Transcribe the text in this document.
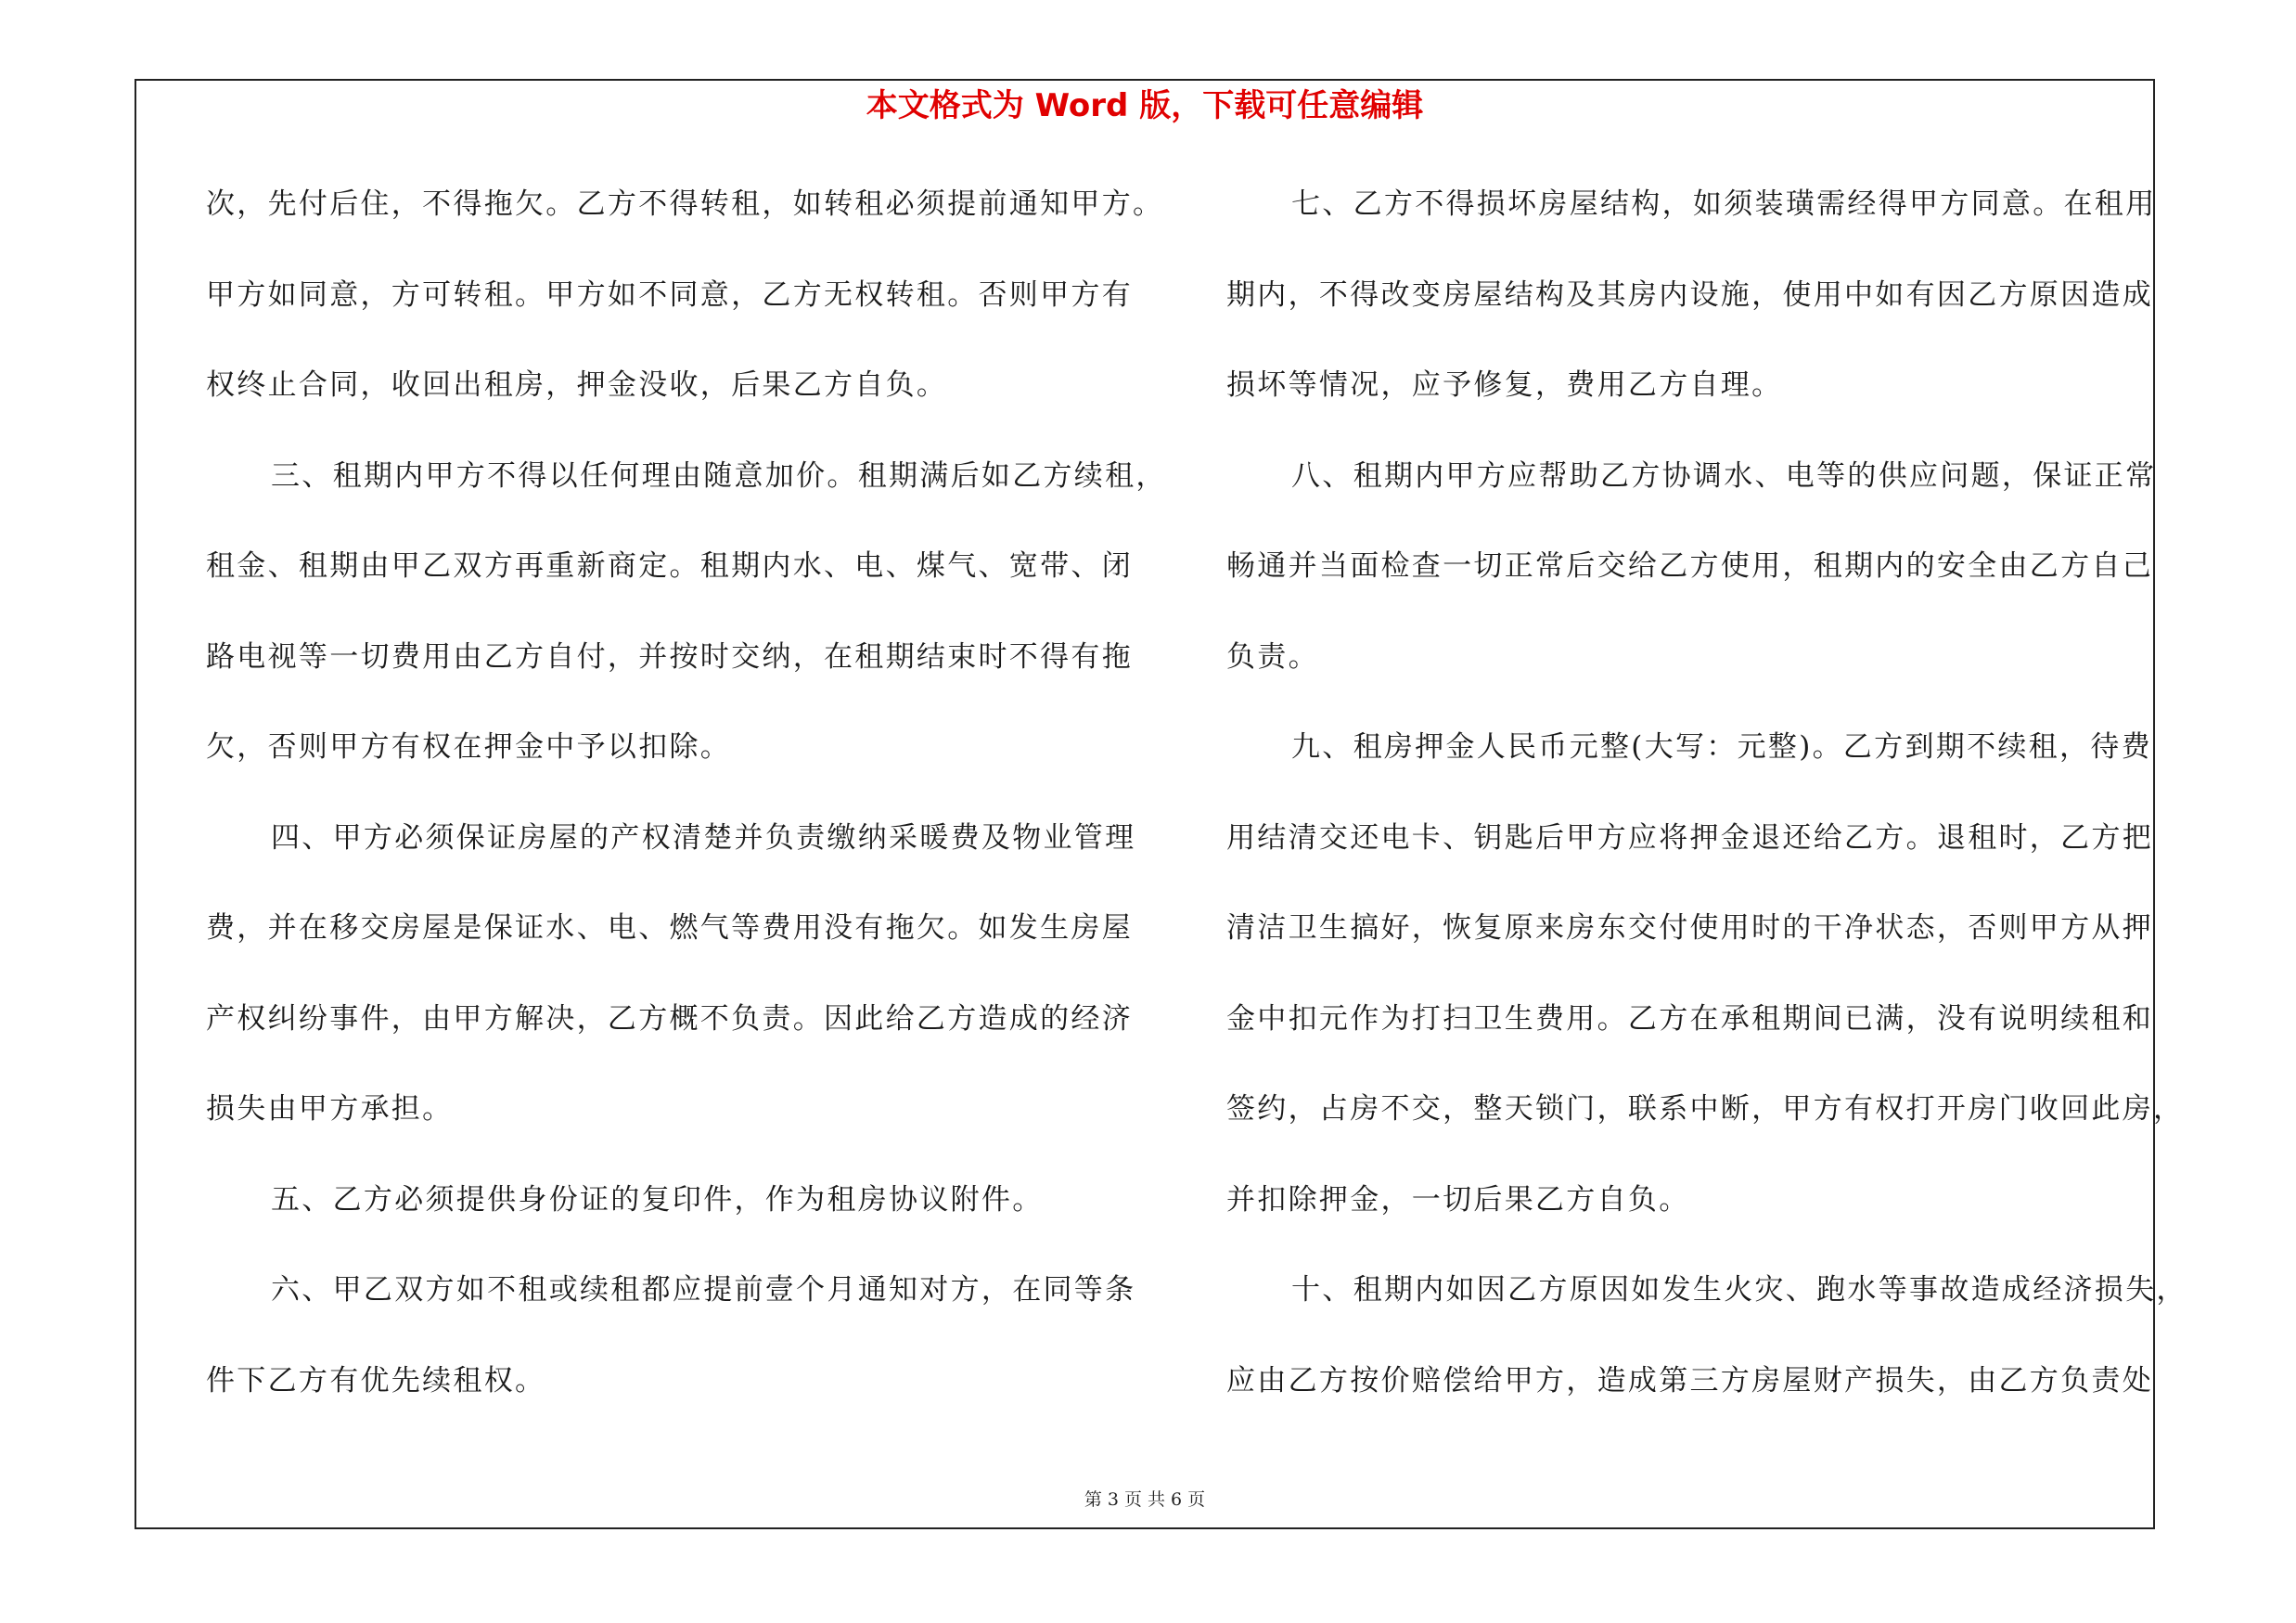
本文格式为 Word 版，下载可任意编辑
次，先付后住，不得拖欠。乙方不得转租，如转租必须提前通知甲方。
甲方如同意，方可转租。甲方如不同意，乙方无权转租。否则甲方有
权终止合同，收回出租房，押金没收，后果乙方自负。
三、租期内甲方不得以任何理由随意加价。租期满后如乙方续租，
租金、租期由甲乙双方再重新商定。租期内水、电、煤气、宽带、闭
路电视等一切费用由乙方自付，并按时交纳，在租期结束时不得有拖
欠，否则甲方有权在押金中予以扣除。
四、甲方必须保证房屋的产权清楚并负责缴纳采暖费及物业管理
费，并在移交房屋是保证水、电、燃气等费用没有拖欠。如发生房屋
产权纠纷事件，由甲方解决，乙方概不负责。因此给乙方造成的经济
损失由甲方承担。
五、乙方必须提供身份证的复印件，作为租房协议附件。
六、甲乙双方如不租或续租都应提前壹个月通知对方，在同等条
件下乙方有优先续租权。
七、乙方不得损坏房屋结构，如须装璜需经得甲方同意。在租用
期内，不得改变房屋结构及其房内设施，使用中如有因乙方原因造成
损坏等情况，应予修复，费用乙方自理。
八、租期内甲方应帮助乙方协调水、电等的供应问题，保证正常
畅通并当面检查一切正常后交给乙方使用，租期内的安全由乙方自己
负责。
九、租房押金人民币元整(大写：元整)。乙方到期不续租，待费
用结清交还电卡、钥匙后甲方应将押金退还给乙方。退租时，乙方把
清洁卫生搞好，恢复原来房东交付使用时的干净状态，否则甲方从押
金中扣元作为打扫卫生费用。乙方在承租期间已满，没有说明续租和
签约，占房不交，整天锁门，联系中断，甲方有权打开房门收回此房，
并扣除押金，一切后果乙方自负。
十、租期内如因乙方原因如发生火灾、跑水等事故造成经济损失，
应由乙方按价赔偿给甲方，造成第三方房屋财产损失，由乙方负责处
第 3 页 共 6 页
